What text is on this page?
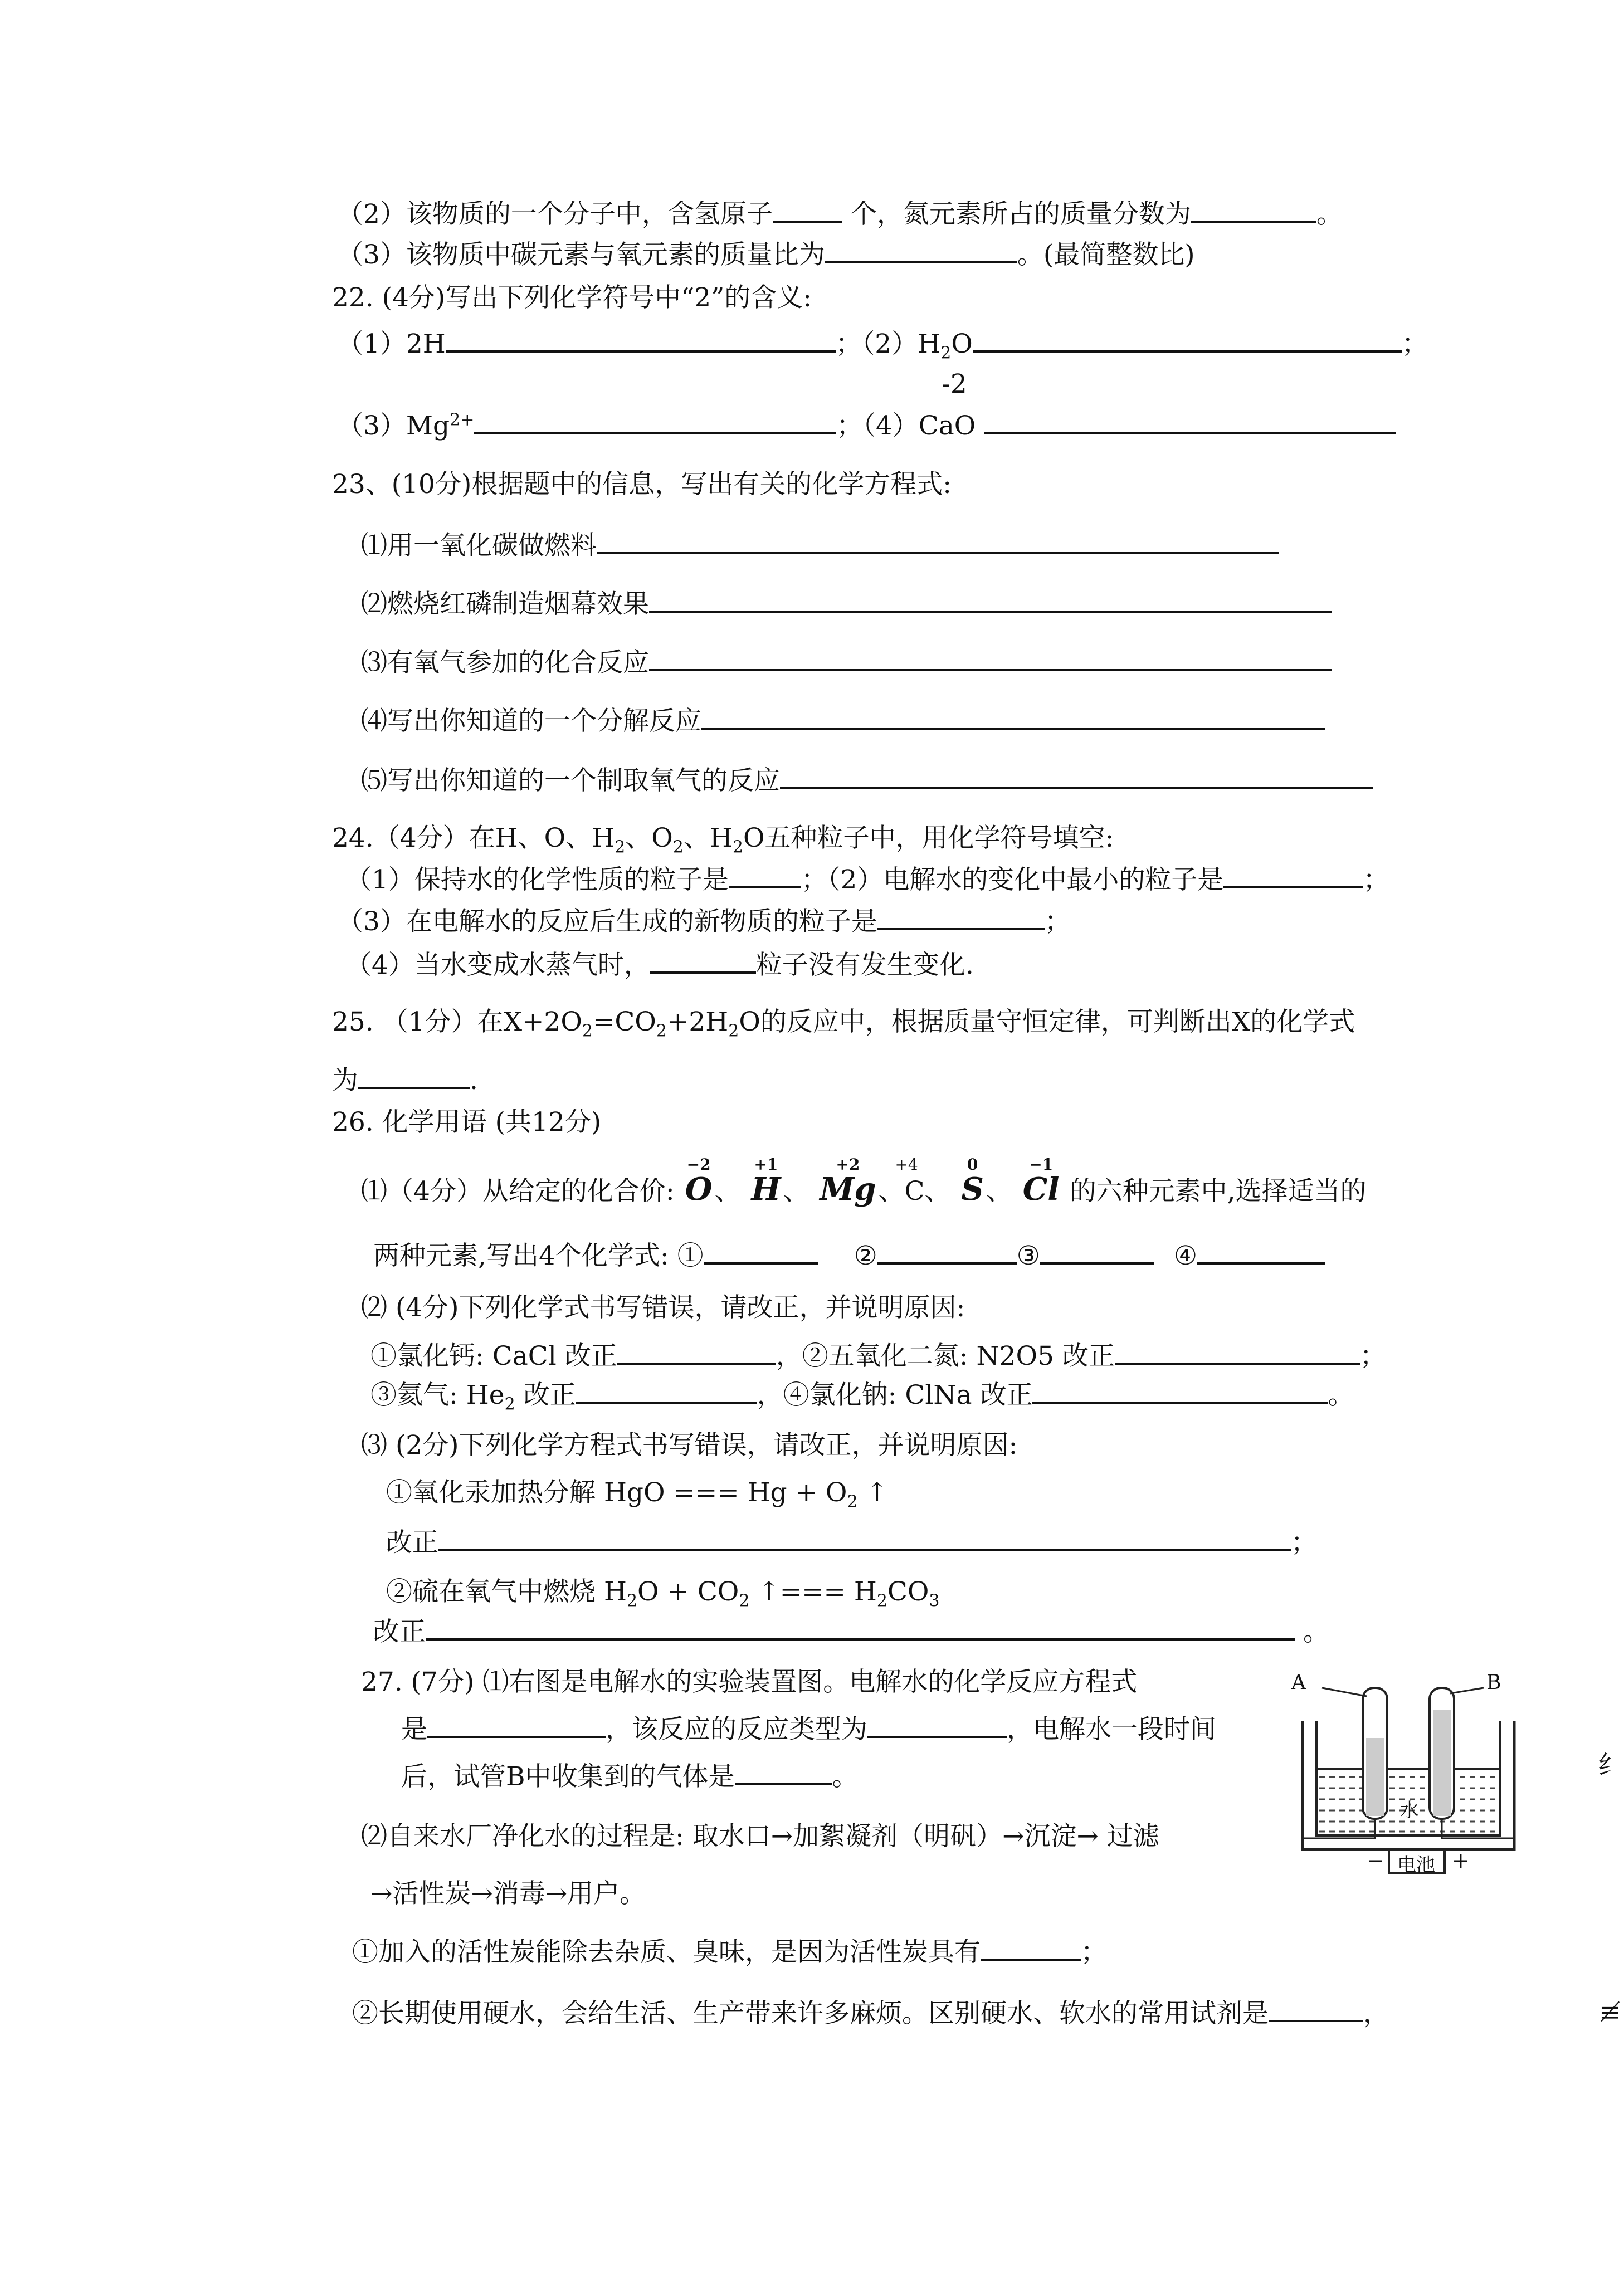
（2）该物质的一个分子中，含氢原子	个，氮元素所占的质量分数为	。
（3）该物质中碳元素与氧元素的质量比为	。(最简整数比)
22. (4分)写出下列化学符号中“2”的含义:
（1）2H	；$(2)H_2O$	；
-2
$(3)Mg^{2+}$	；（4）CaO
23、(10分)根据题中的信息，写出有关的化学方程式:
⑴用一氧化碳做燃料
⑵燃烧红磷制造烟幕效果
⑶有氧气参加的化合反应
⑷写出你知道的一个分解反应
⑸写出你知道的一个制取氧气的反应
24.（4分）在H、O、$H_2$、$O_2$、$H_2O$五种粒子中，用化学符号填空:
（1）保持水的化学性质的粒子是	；（2）电解水的变化中最小的粒子是	；
（3）在电解水的反应后生成的新物质的粒子是	；
（4）当水变成水蒸气时，	粒子没有发生变化.
25. （1分）在$X+2O_2=CO_2+2H_2O$的反应中，根据质量守恒定律，可判断出X的化学式
为	.
26. 化学用语 (共12分)
⑴（4分）从给定的化合价:
−2
O、
+1
H、
+2
Mg
+4
、C、
0
S、
−1
Cl 的六种元素中,选择适当的
两种元素,写出4个化学式: ①	②	③	④
⑵ (4分)下列化学式书写错误，请改正，并说明原因:
①氯化钙: CaCl 改正	，②五氧化二氮: N2O5 改正	；
③氦气: $He_2$ 改正	，④氯化钠: ClNa 改正	。
⑶ (2分)下列化学方程式书写错误，请改正，并说明原因:
①氧化汞加热分解 HgO === $Hg + O_2$ ↑
改正	；
②硫在氧气中燃烧 $H_2O + CO_2$ ↑=== $H_2CO_3$
改正	。
27. (7分) ⑴右图是电解水的实验装置图。电解水的化学反应方程式
是	，该反应的反应类型为	，电解水一段时间
后，试管B中收集到的气体是	。
⑵自来水厂净化水的过程是: 取水口→加絮凝剂（明矾）→沉淀→ 过滤
→活性炭→消毒→用户。
①加入的活性炭能除去杂质、臭味，是因为活性炭具有	；
②长期使用硬水，会给生活、生产带来许多麻烦。区别硬水、软水的常用试剂是	，
A	B
水
电池
−	+
纟
≢
